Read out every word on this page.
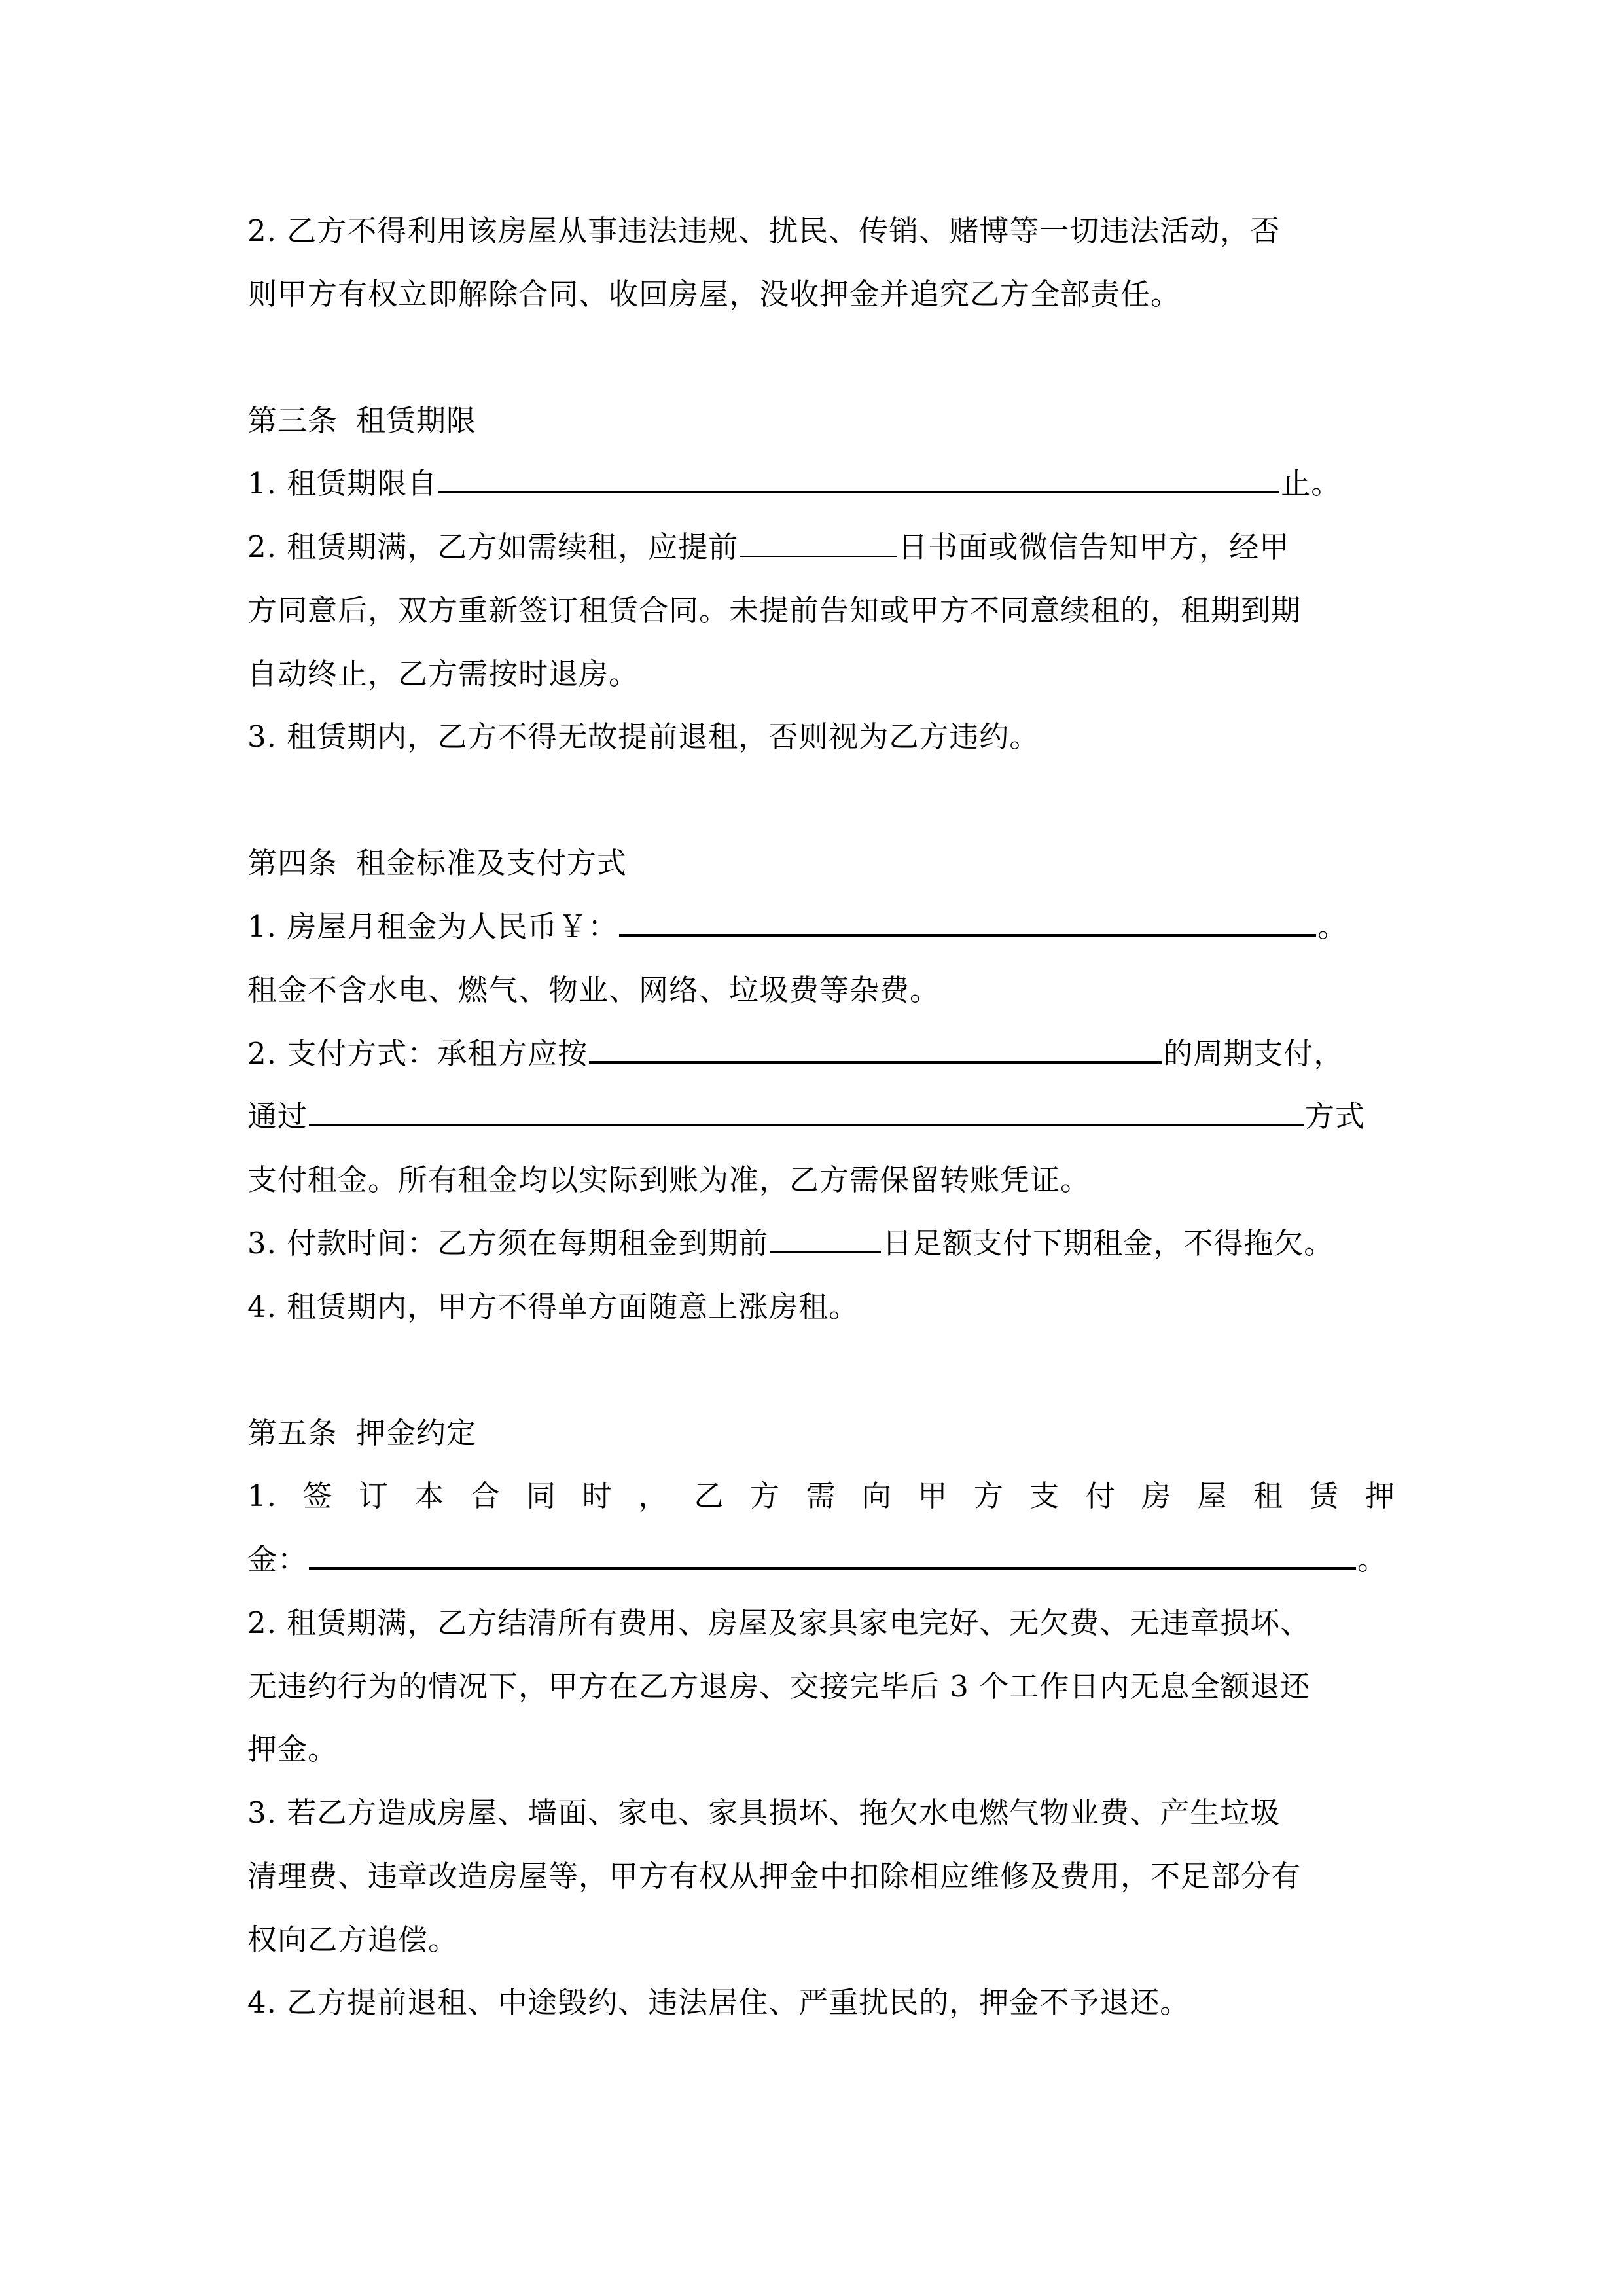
2. 乙方不得利用该房屋从事违法违规、扰民、传销、赌博等一切违法活动，否
则甲方有权立即解除合同、收回房屋，没收押金并追究乙方全部责任。
第三条 租赁期限
1. 租赁期限自	止。
2. 租赁期满，乙方如需续租，应提前	日书面或微信告知甲方，经甲
方同意后，双方重新签订租赁合同。未提前告知或甲方不同意续租的，租期到期
自动终止，乙方需按时退房。
3. 租赁期内，乙方不得无故提前退租，否则视为乙方违约。
第四条 租金标准及支付方式
1. 房屋月租金为人民币￥：	。
租金不含水电、燃气、物业、网络、垃圾费等杂费。
2. 支付方式：承租方应按	的周期支付，
通过	方式
支付租金。所有租金均以实际到账为准，乙方需保留转账凭证。
3. 付款时间：乙方须在每期租金到期前	日足额支付下期租金，不得拖欠。
4. 租赁期内，甲方不得单方面随意上涨房租。
第五条 押金约定
1. 签 订 本 合 同 时 ， 乙 方 需 向 甲 方 支 付 房 屋 租 赁 押
金：	。
2. 租赁期满，乙方结清所有费用、房屋及家具家电完好、无欠费、无违章损坏、
无违约行为的情况下，甲方在乙方退房、交接完毕后 3 个工作日内无息全额退还
押金。
3. 若乙方造成房屋、墙面、家电、家具损坏、拖欠水电燃气物业费、产生垃圾
清理费、违章改造房屋等，甲方有权从押金中扣除相应维修及费用，不足部分有
权向乙方追偿。
4. 乙方提前退租、中途毁约、违法居住、严重扰民的，押金不予退还。
